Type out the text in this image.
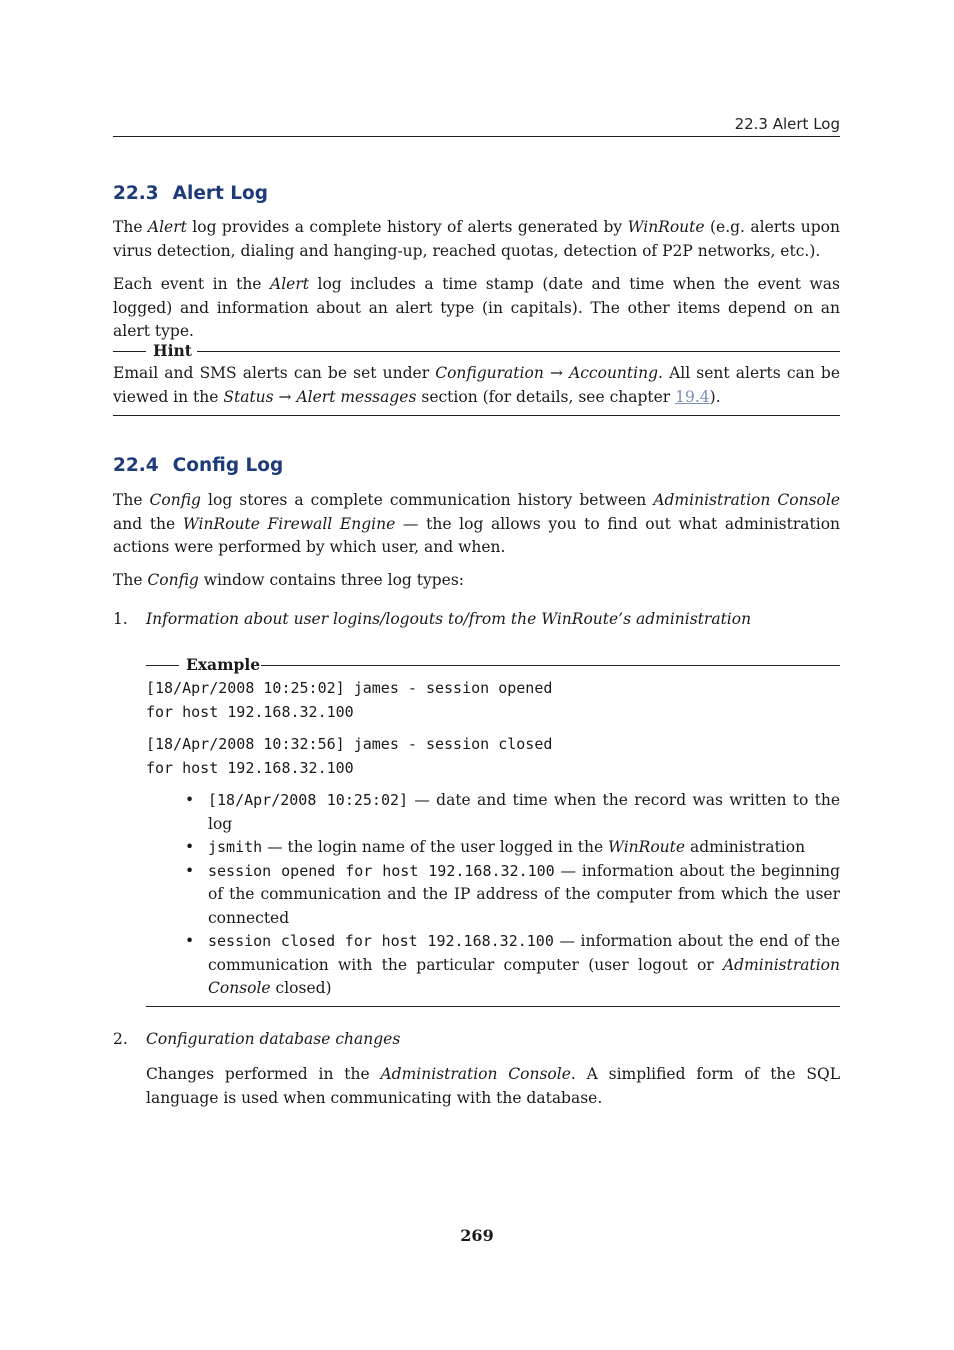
22.3 Alert Log
22.3 Alert Log
The Alert log provides a complete history of alerts generated by WinRoute (e.g. alerts upon virus detection, dialing and hanging-up, reached quotas, detection of P2P networks, etc.).
Each event in the Alert log includes a time stamp (date and time when the event was logged) and information about an alert type (in capitals). The other items depend on an alert type.
Hint
Email and SMS alerts can be set under Configuration → Accounting. All sent alerts can be viewed in the Status → Alert messages section (for details, see chapter 19.4).
22.4 Config Log
The Config log stores a complete communication history between Administration Console and the WinRoute Firewall Engine — the log allows you to find out what administration actions were performed by which user, and when.
The Config window contains three log types:
1. Information about user logins/logouts to/from the WinRoute’s administration
Example
[18/Apr/2008 10:25:02] james - session opened
for host 192.168.32.100
[18/Apr/2008 10:32:56] james - session closed
for host 192.168.32.100
• [18/Apr/2008 10:25:02] — date and time when the record was written to the log
• jsmith — the login name of the user logged in the WinRoute administration
• session opened for host 192.168.32.100 — information about the beginning of the communication and the IP address of the computer from which the user connected
• session closed for host 192.168.32.100 — information about the end of the communication with the particular computer (user logout or Administration Console closed)
2. Configuration database changes
Changes performed in the Administration Console. A simplified form of the SQL language is used when communicating with the database.
269
